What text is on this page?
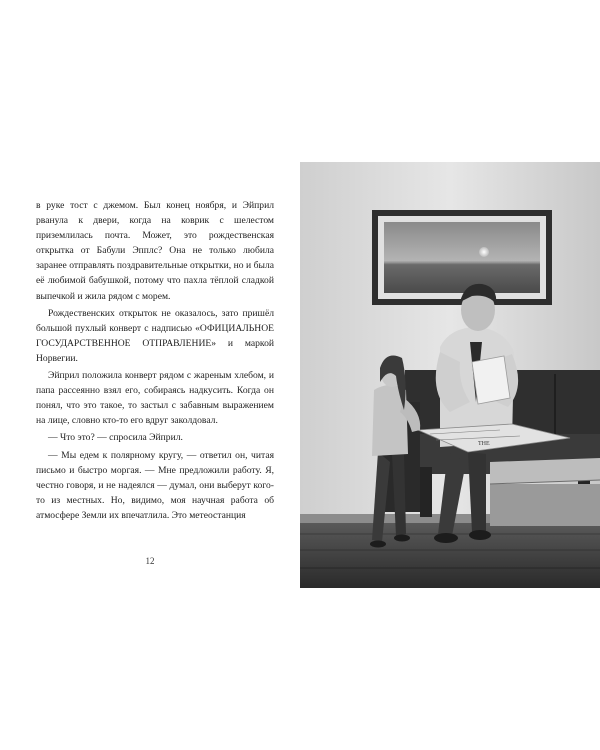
в руке тост с джемом. Был конец ноября, и Эйприл рванула к двери, когда на коврик с шелестом приземлилась почта. Может, это рождественская открытка от Бабули Эпплс? Она не только любила заранее отправлять поздравительные открытки, но и была её любимой бабушкой, потому что пахла тёплой сладкой выпечкой и жила рядом с морем.

Рождественских открыток не оказалось, зато пришёл большой пухлый конверт с надписью «ОФИЦИАЛЬНОЕ ГОСУДАРСТВЕННОЕ ОТПРАВЛЕНИЕ» и маркой Норвегии.

Эйприл положила конверт рядом с жареным хлебом, и папа рассеянно взял его, собираясь надкусить. Когда он понял, что это такое, то застыл с забавным выражением на лице, словно кто-то его вдруг заколдовал.

— Что это? — спросила Эйприл.

— Мы едем к полярному кругу, — ответил он, читая письмо и быстро моргая. — Мне предложили работу. Я, честно говоря, и не надеялся — думал, они выберут кого-то из местных. Но, видимо, моя научная работа об атмосфере Земли их впечатлила. Это метеостанция

12
THE
